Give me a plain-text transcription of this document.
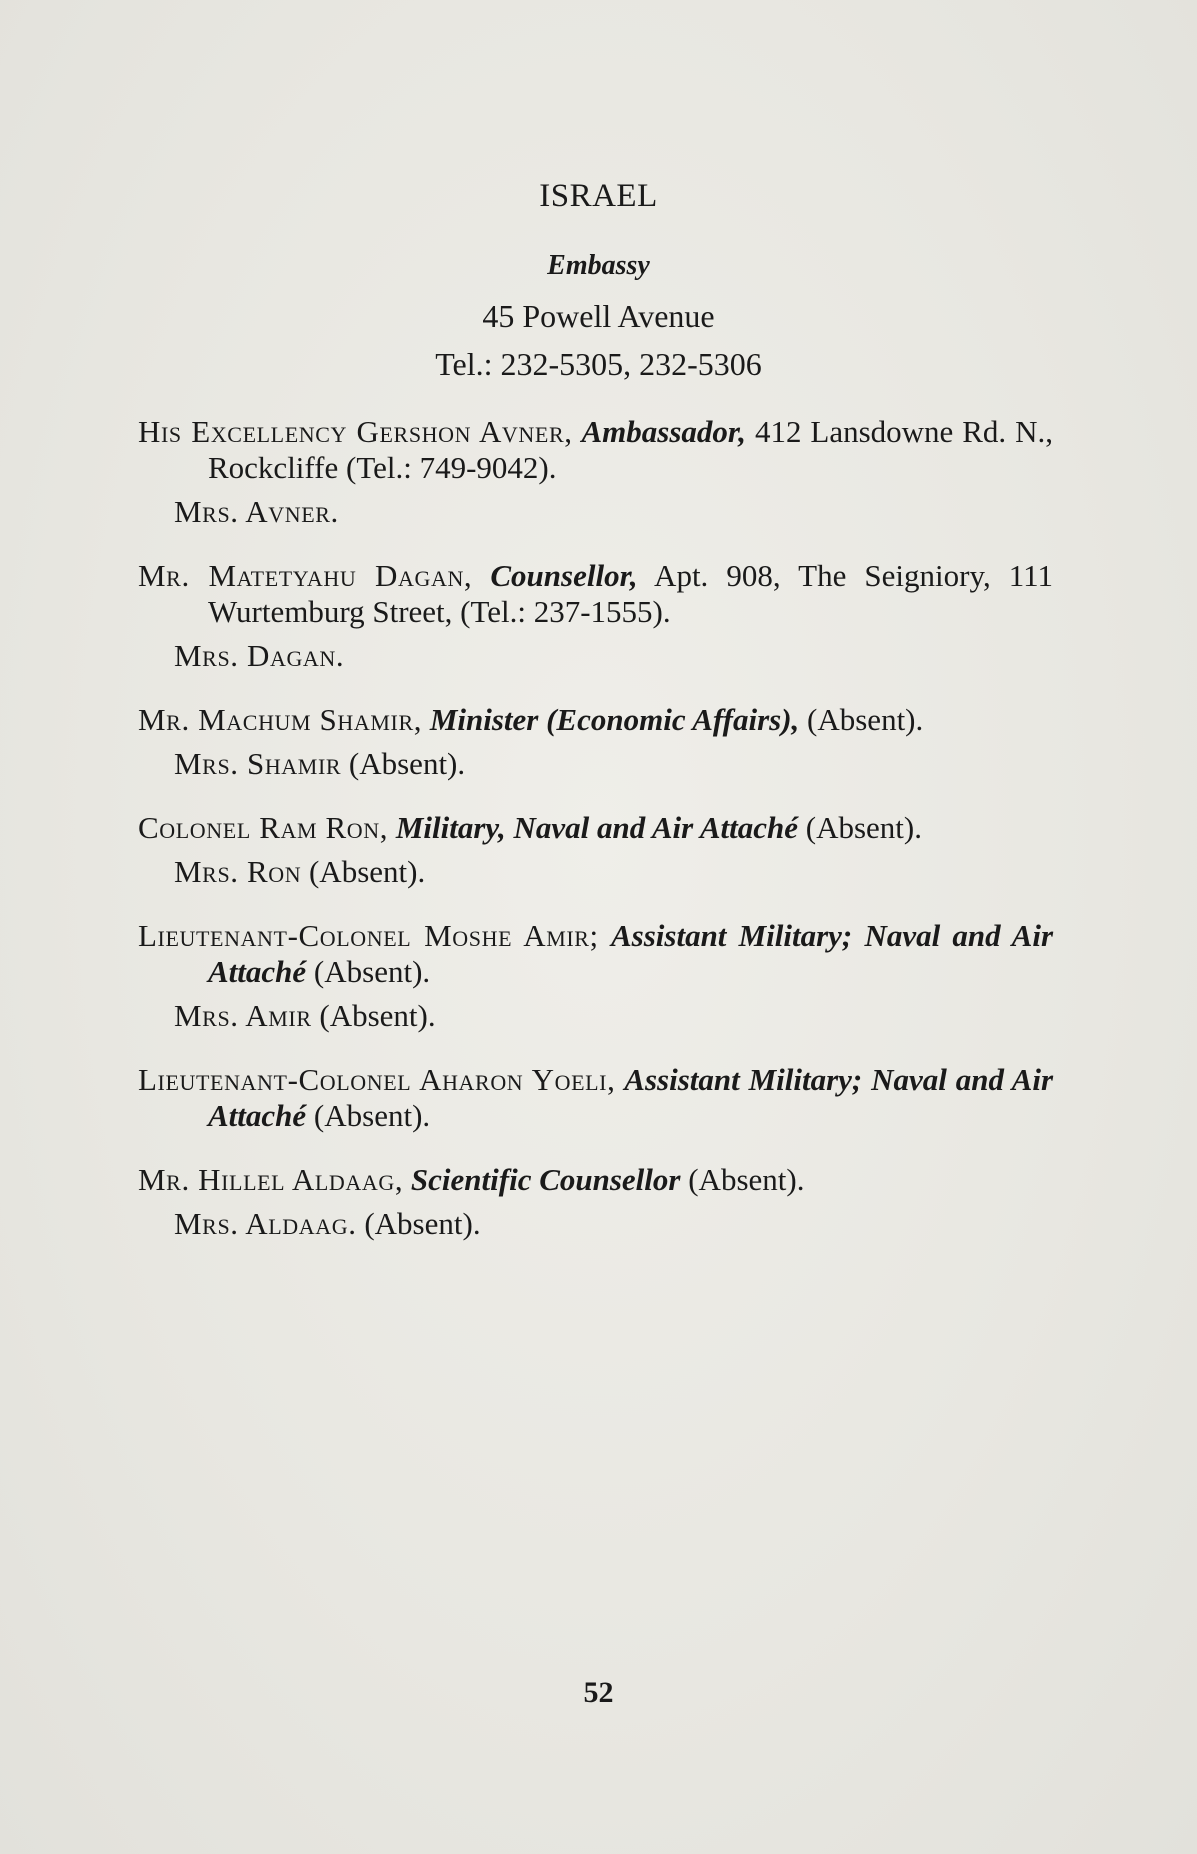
ISRAEL
Embassy
45 Powell Avenue
Tel.: 232-5305, 232-5306

His Excellency Gershon Avner, Ambassador, 412 Lansdowne Rd. N., Rockcliffe (Tel.: 749-9042).

Mrs. Avner.

Mr. Matetyahu Dagan, Counsellor, Apt. 908, The Seigniory, 111 Wurtemburg Street, (Tel.: 237-1555).

Mrs. Dagan.

Mr. Machum Shamir, Minister (Economic Affairs), (Absent).

Mrs. Shamir (Absent).

Colonel Ram Ron, Military, Naval and Air Attaché (Absent).

Mrs. Ron (Absent).

Lieutenant-Colonel Moshe Amir; Assistant Military; Naval and Air Attaché (Absent).

Mrs. Amir (Absent).

Lieutenant-Colonel Aharon Yoeli, Assistant Military; Naval and Air Attaché (Absent).

Mr. Hillel Aldaag, Scientific Counsellor (Absent).

Mrs. Aldaag. (Absent).

52
